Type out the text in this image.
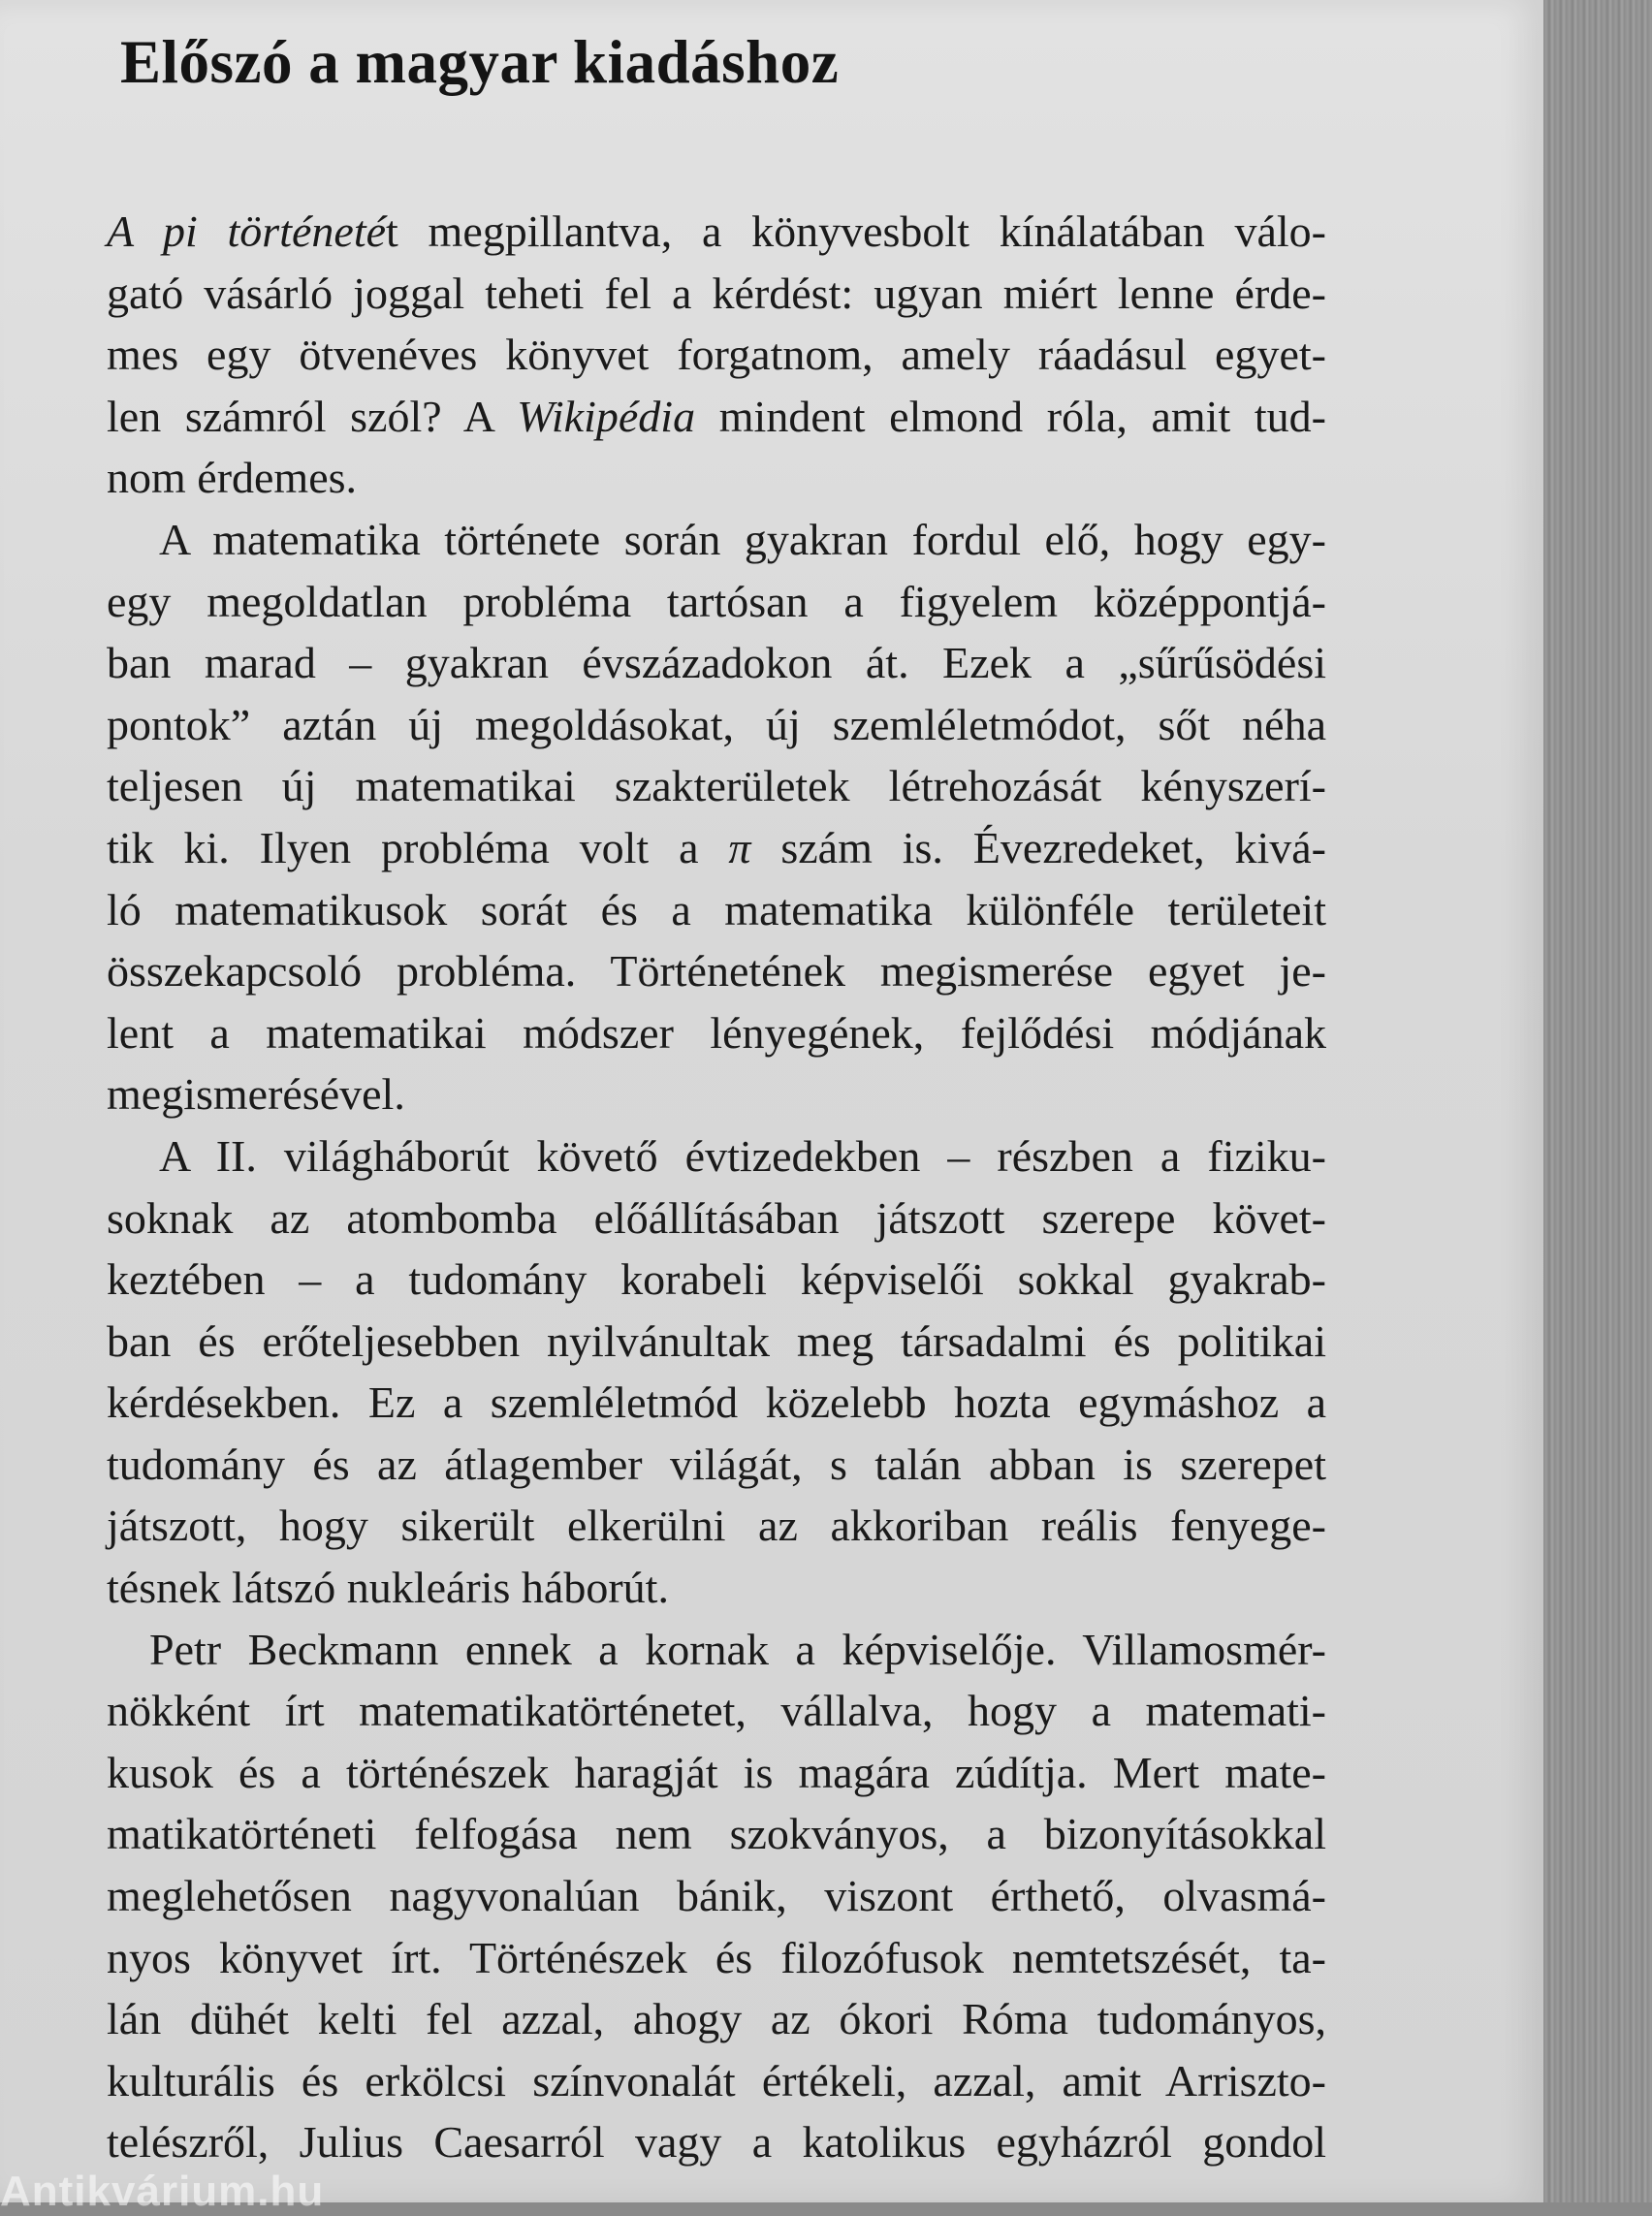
Előszó a magyar kiadáshoz
A pi történetét megpillantva, a könyvesbolt kínálatában válo-
gató vásárló joggal teheti fel a kérdést: ugyan miért lenne érde-
mes egy ötvenéves könyvet forgatnom, amely ráadásul egyet-
len számról szól? A Wikipédia mindent elmond róla, amit tud-
nom érdemes.
A matematika története során gyakran fordul elő, hogy egy-
egy megoldatlan probléma tartósan a figyelem középpontjá-
ban marad – gyakran évszázadokon át. Ezek a „sűrűsödési
pontok” aztán új megoldásokat, új szemléletmódot, sőt néha
teljesen új matematikai szakterületek létrehozását kényszerí-
tik ki. Ilyen probléma volt a π szám is. Évezredeket, kivá-
ló matematikusok sorát és a matematika különféle területeit
összekapcsoló probléma. Történetének megismerése egyet je-
lent a matematikai módszer lényegének, fejlődési módjának
megismerésével.
A II. világháborút követő évtizedekben – részben a fiziku-
soknak az atombomba előállításában játszott szerepe követ-
keztében – a tudomány korabeli képviselői sokkal gyakrab-
ban és erőteljesebben nyilvánultak meg társadalmi és politikai
kérdésekben. Ez a szemléletmód közelebb hozta egymáshoz a
tudomány és az átlagember világát, s talán abban is szerepet
játszott, hogy sikerült elkerülni az akkoriban reális fenyege-
tésnek látszó nukleáris háborút.
Petr Beckmann ennek a kornak a képviselője. Villamosmér-
nökként írt matematikatörténetet, vállalva, hogy a matemati-
kusok és a történészek haragját is magára zúdítja. Mert mate-
matikatörténeti felfogása nem szokványos, a bizonyításokkal
meglehetősen nagyvonalúan bánik, viszont érthető, olvasmá-
nyos könyvet írt. Történészek és filozófusok nemtetszését, ta-
lán dühét kelti fel azzal, ahogy az ókori Róma tudományos,
kulturális és erkölcsi színvonalát értékeli, azzal, amit Arriszto-
telészről, Julius Caesarról vagy a katolikus egyházról gondol
Antikvárium.hu
